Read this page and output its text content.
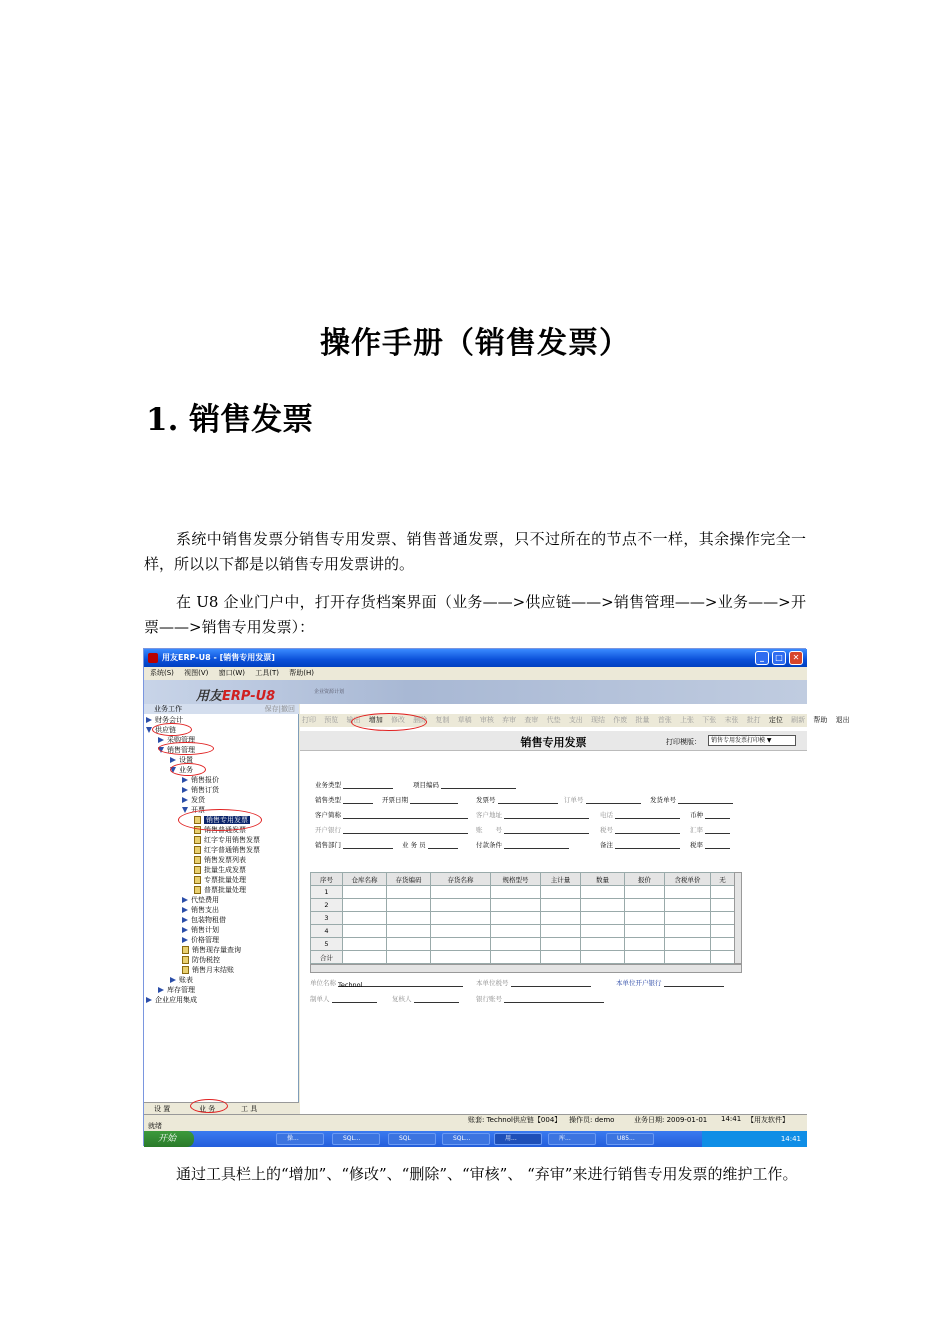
操作手册（销售发票）
1. 销售发票

系统中销售发票分销售专用发票、销售普通发票，只不过所在的节点不一样，其余操作完全一样，所以以下都是以销售专用发票讲的。

在 U8 企业门户中，打开存货档案界面（业务——>供应链——>销售管理——>业务——>开票——>销售专用发票）：

用友ERP-U8 - [销售专用发票]	_	□	✕
系统(S) 视图(V) 窗口(W) 工具(T) 帮助(H)
用友ERP-U8	企业资源计划
业务工作	保存|撤回
财务会计
供应链
采购管理
销售管理
设置
业务
销售报价
销售订货
发货
开票
销售专用发票
销售普通发票
红字专用销售发票
红字普通销售发票
销售发票列表
批量生成发票
专票批量处理
普票批量处理
代垫费用
销售支出
包装物租借
销售计划
价格管理
销售现存量查询
防伪税控
销售月末结账
账表
库存管理
企业应用集成
设 置	业 务	工 具
打印 预览 输出 增加 修改 删除 复制 草稿 审核 弃审 查审 代垫 支出 现结 作废 批量 首张 上张 下张 末张 批打 定位 刷新 帮助 退出
销售专用发票	打印模版：	销售专用发票打印模 ▼
业务类型	项目编码
销售类型	开票日期	发票号	订单号	发货单号
客户简称	客户地址	电话	币种
开户银行	账　　号	税号	汇率
销售部门	业 务 员	付款条件	备注	税率
序号	仓库名称	存货编码	存货名称	规格型号	主计量	数量	报价	含税单价	无
1									
2									
3									
4									
5									
合计									
单位名称 Technol	本单位税号	本单位开户银行
制单人	复核人	银行账号
就绪
账套: Technol供应链【004】 操作员: demo	业务日期: 2009-01-01 14:41 【用友软件】
开始	操...	SQL...	SQL	SQL...	用...	库...	U85...	14:41

通过工具栏上的“增加”、“修改”、“删除”、“审核”、 “弃审”来进行销售专用发票的维护工作。
